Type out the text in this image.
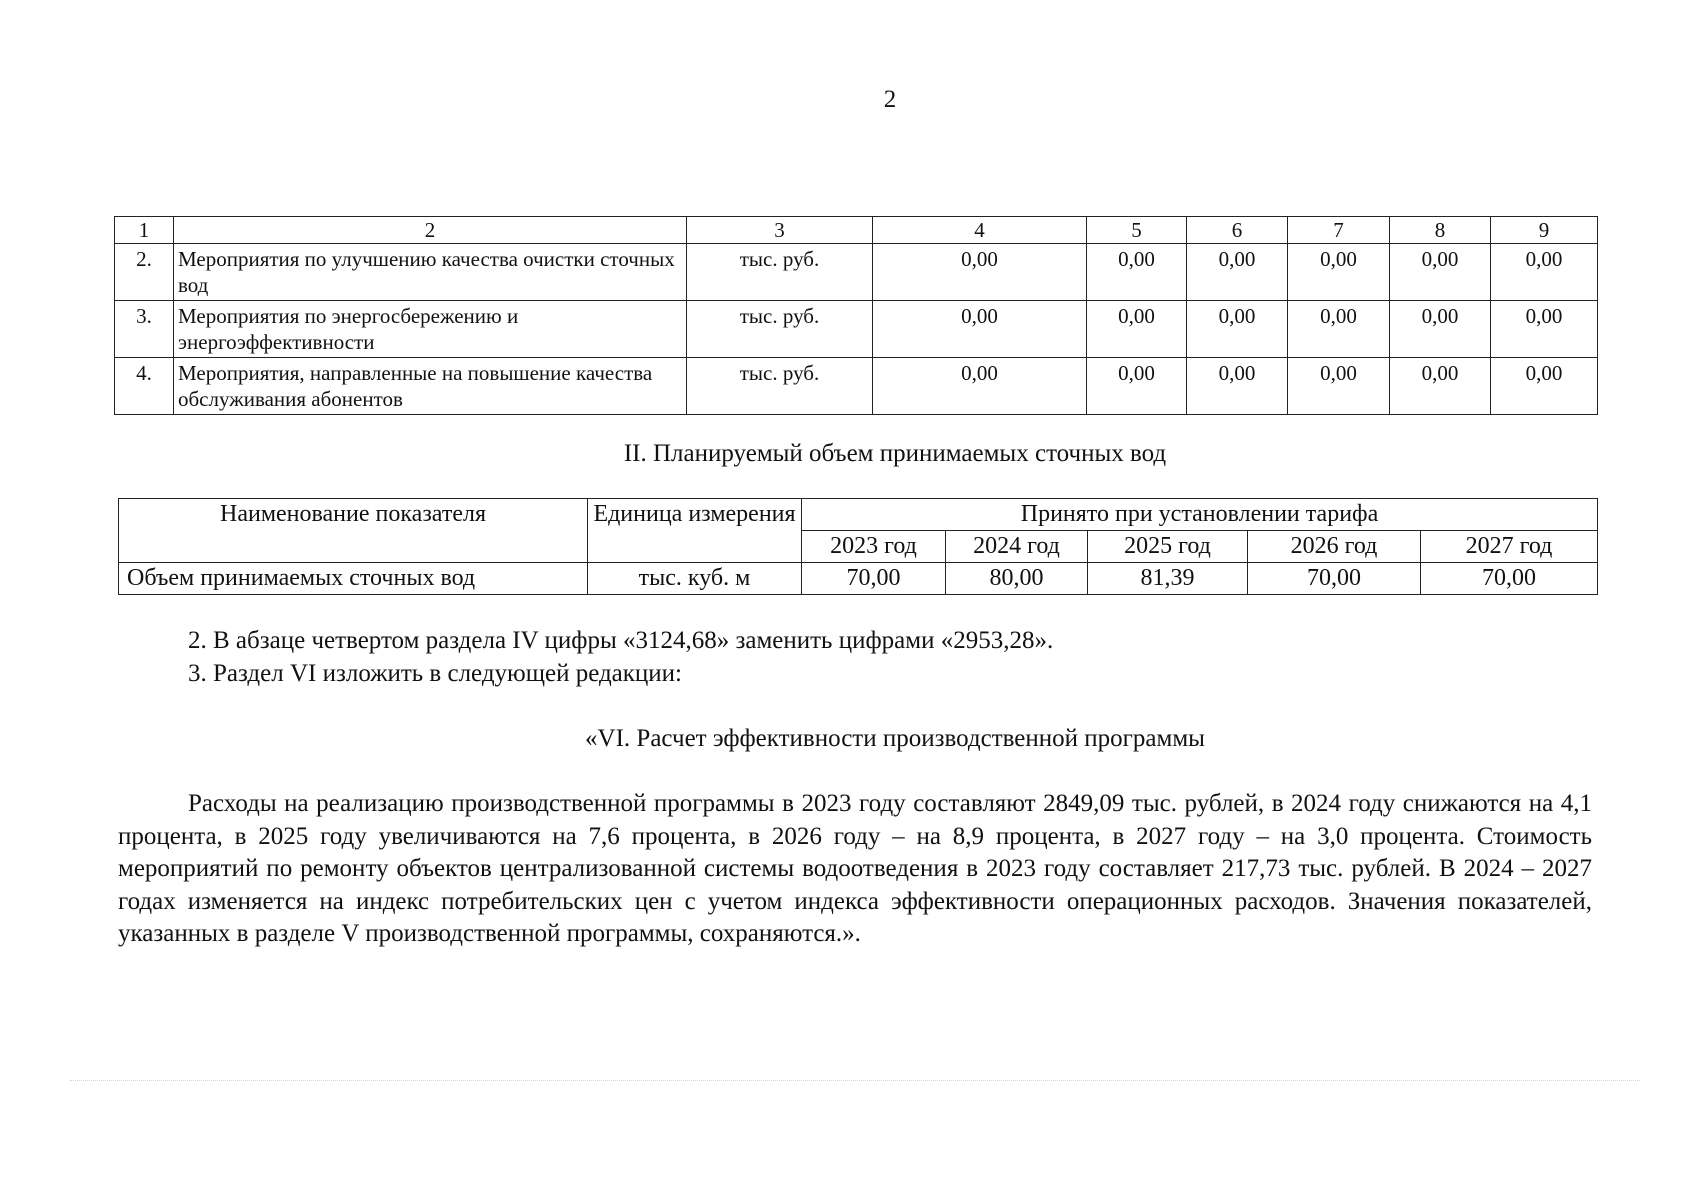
2
1	2	3	4	5	6	7	8	9
2.	Мероприятия по улучшению качества очистки сточных вод	тыс. руб.	0,00	0,00	0,00	0,00	0,00	0,00
3.	Мероприятия по энергосбережению и энергоэффективности	тыс. руб.	0,00	0,00	0,00	0,00	0,00	0,00
4.	Мероприятия, направленные на повышение качества обслуживания абонентов	тыс. руб.	0,00	0,00	0,00	0,00	0,00	0,00
II. Планируемый объем принимаемых сточных вод
Наименование показателя	Единица измерения	Принято при установлении тарифа				
		2023 год	2024 год	2025 год	2026 год	2027 год
Объем принимаемых сточных вод	тыс. куб. м	70,00	80,00	81,39	70,00	70,00
2. В абзаце четвертом раздела IV цифры «3124,68» заменить цифрами «2953,28».
3. Раздел VI изложить в следующей редакции:
«VI. Расчет эффективности производственной программы
Расходы на реализацию производственной программы в 2023 году составляют 2849,09 тыс. рублей, в 2024 году снижаются на 4,1 процента, в 2025 году увеличиваются на 7,6 процента, в 2026 году – на 8,9 процента, в 2027 году – на 3,0 процента. Стоимость мероприятий по ремонту объектов централизованной системы водоотведения в 2023 году составляет 217,73 тыс. рублей. В 2024 – 2027 годах изменяется на индекс потребительских цен с учетом индекса эффективности операционных расходов. Значения показателей, указанных в разделе V производственной программы, сохраняются.».
